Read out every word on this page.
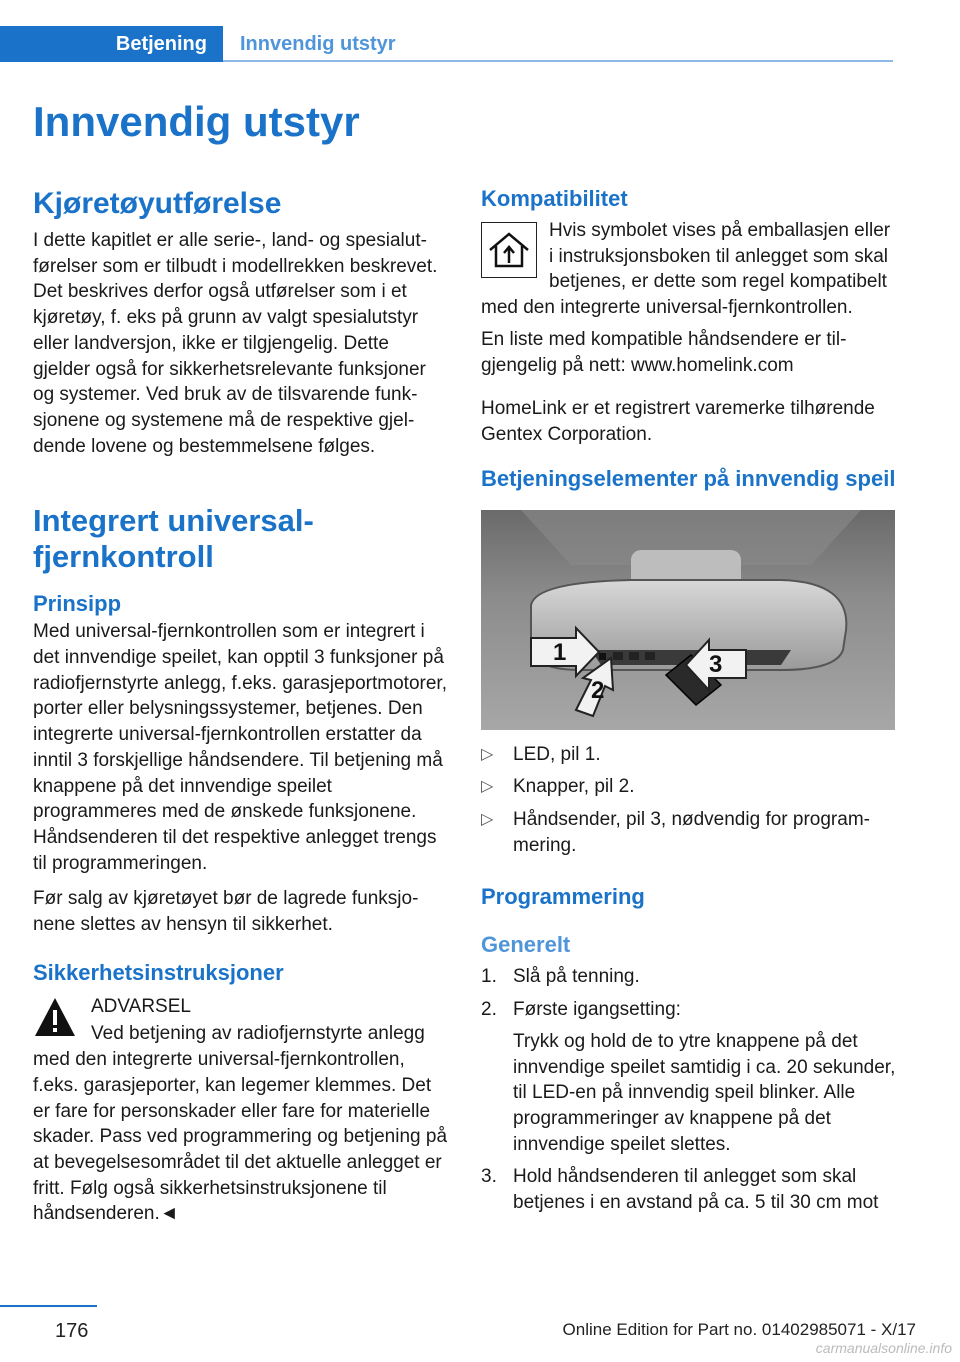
Betjening	Innvendig utstyr
Innvendig utstyr
Kjøretøyutførelse

I dette kapitlet er alle serie-, land- og spesialutførelser som er tilbudt i modellrekken beskrevet. Det beskrives derfor også utførelser som i et kjøretøy, f. eks på grunn av valgt spesialutstyr eller landversjon, ikke er tilgjengelig. Dette gjelder også for sikkerhetsrelevante funksjoner og systemer. Ved bruk av de tilsvarende funksjonene og systemene må de respektive gjeldende lovene og bestemmelsene følges.

Integrert universal-fjernkontroll
Prinsipp

Med universal-fjernkontrollen som er integrert i det innvendige speilet, kan opptil 3 funksjoner på radiofjernstyrte anlegg, f.eks. garasjeportmotorer, porter eller belysningssystemer, betjenes. Den integrerte universal-fjernkontrollen erstatter da inntil 3 forskjellige håndsendere. Til betjening må knappene på det innvendige speilet programmeres med de ønskede funksjonene. Håndsenderen til det respektive anlegget trengs til programmeringen.

Før salg av kjøretøyet bør de lagrede funksjonene slettes av hensyn til sikkerhet.

Sikkerhetsinstruksjoner

ADVARSEL

Ved betjening av radiofjernstyrte anlegg med den integrerte universal-fjernkontrollen, f.eks. garasjeporter, kan legemer klemmes. Det er fare for personskader eller fare for materielle skader. Pass ved programmering og betjening på at bevegelsesområdet til det aktuelle anlegget er fritt. Følg også sikkerhetsinstruksjonene til håndsenderen.◄

Kompatibilitet

Hvis symbolet vises på emballasjen eller i instruksjonsboken til anlegget som skal betjenes, er dette som regel kompatibelt med den integrerte universal-fjernkontrollen.

En liste med kompatible håndsendere er tilgjengelig på nett: www.homelink.com

HomeLink er et registrert varemerke tilhørende Gentex Corporation.

Betjeningselementer på innvendig speil
1
2
3
▷ LED, pil 1.
▷ Knapper, pil 2.
▷ Håndsender, pil 3, nødvendig for programmering.
Programmering
Generelt
1. Slå på tenning.
2. Første igangsetting:

Trykk og hold de to ytre knappene på det innvendige speilet samtidig i ca. 20 sekunder, til LED-en på innvendig speil blinker. Alle programmeringer av knappene på det innvendige speilet slettes.

3. Hold håndsenderen til anlegget som skal betjenes i en avstand på ca. 5 til 30 cm mot
176	Online Edition for Part no. 01402985071 - X/17
carmanualsonline.info
